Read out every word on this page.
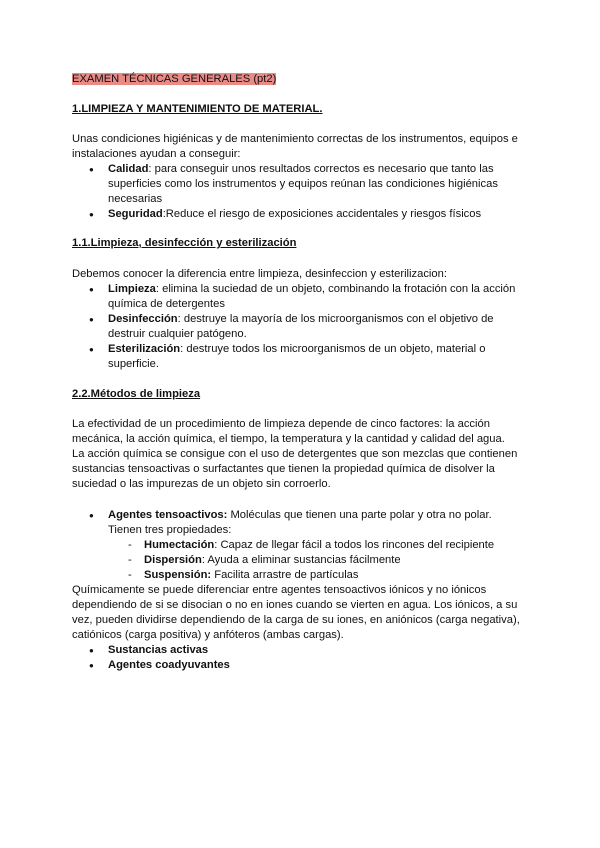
EXAMEN TÉCNICAS GENERALES (pt2)

1.LIMPIEZA Y MANTENIMIENTO DE MATERIAL.

Unas condiciones higiénicas y de mantenimiento correctas de los instrumentos, equipos e instalaciones ayudan a conseguir:

● Calidad: para conseguir unos resultados correctos es necesario que tanto las superficies como los instrumentos y equipos reúnan las condiciones higiénicas necesarias
● Seguridad:Reduce el riesgo de exposiciones accidentales y riesgos físicos
1.1.Limpieza, desinfección y esterilización

Debemos conocer la diferencia entre limpieza, desinfeccion y esterilizacion:

● Limpieza: elimina la suciedad de un objeto, combinando la frotación con la acción química de detergentes
● Desinfección: destruye la mayoría de los microorganismos con el objetivo de destruir cualquier patógeno.
● Esterilización: destruye todos los microorganismos de un objeto, material o superficie.
2.2.Métodos de limpieza

La efectividad de un procedimiento de limpieza depende de cinco factores: la acción mecánica, la acción química, el tiempo, la temperatura y la cantidad y calidad del agua.

La acción química se consigue con el uso de detergentes que son mezclas que contienen sustancias tensoactivas o surfactantes que tienen la propiedad química de disolver la suciedad o las impurezas de un objeto sin corroerlo.

● Agentes tensoactivos: Moléculas que tienen una parte polar y otra no polar. Tienen tres propiedades:
- Humectación: Capaz de llegar fácil a todos los rincones del recipiente
- Dispersión: Ayuda a eliminar sustancias fácilmente
- Suspensión: Facilita arrastre de partículas

Químicamente se puede diferenciar entre agentes tensoactivos iónicos y no iónicos dependiendo de si se disocian o no en iones cuando se vierten en agua. Los iónicos, a su vez, pueden dividirse dependiendo de la carga de su iones, en aniónicos (carga negativa), catiónicos (carga positiva) y anfóteros (ambas cargas).

● Sustancias activas
● Agentes coadyuvantes
